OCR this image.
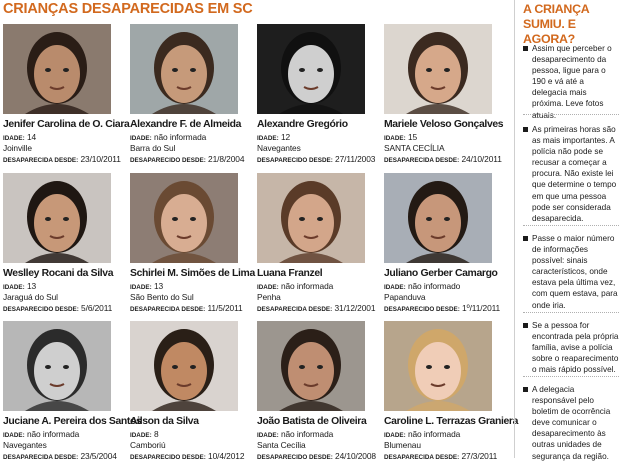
CRIANÇAS DESAPARECIDAS EM SC
Jenifer Carolina de O. Ciara
IDADE: 14
Joinville
DESAPARECIDA DESDE: 23/10/2011
Alexandre F. de Almeida
IDADE: não informada
Barra do Sul
DESAPARECIDO DESDE: 21/8/2004
Alexandre Gregório
IDADE: 12
Navegantes
DESAPARECIDO DESDE: 27/11/2003
Mariele Veloso Gonçalves
IDADE: 15
SANTA CECÍLIA
DESAPARECIDA DESDE: 24/10/2011
Weslley Rocani da Silva
IDADE: 13
Jaraguá do Sul
DESAPARECIDO DESDE: 5/6/2011
Schirlei M. Simões de Lima
IDADE: 13
São Bento do Sul
DESAPARECIDA DESDE: 11/5/2011
Luana Franzel
IDADE: não informada
Penha
DESAPARECIDA DESDE: 31/12/2001
Juliano Gerber Camargo
IDADE: não informado
Papanduva
DESAPARECIDO DESDE: 1º/11/2011
Juciane A. Pereira dos Santos
IDADE: não informada
Navegantes
DESAPARECIDA DESDE: 23/5/2004
Ailson da Silva
IDADE: 8
Camboriú
DESAPARECIDO DESDE: 10/4/2012
João Batista de Oliveira
IDADE: não informada
Santa Cecília
DESAPARECIDO DESDE: 24/10/2008
Caroline L. Terrazas Graniera
IDADE: não informada
Blumenau
DESAPARECIDA DESDE: 27/3/2011
A CRIANÇA
SUMIU. E AGORA?
Assim que perceber o desaparecimento da pessoa, ligue para o 190 e vá até a delegacia mais próxima. Leve fotos atuais.
As primeiras horas são as mais importantes. A polícia não pode se recusar a começar a procura. Não existe lei que determine o tempo em que uma pessoa pode ser considerada desaparecida.
Passe o maior número de informações possível: sinais característicos, onde estava pela última vez, com quem estava, para onde iria.
Se a pessoa for encontrada pela própria família, avise a polícia sobre o reaparecimento o mais rápido possível.
A delegacia responsável pelo boletim de ocorrência deve comunicar o desaparecimento às outras unidades de segurança da região.
